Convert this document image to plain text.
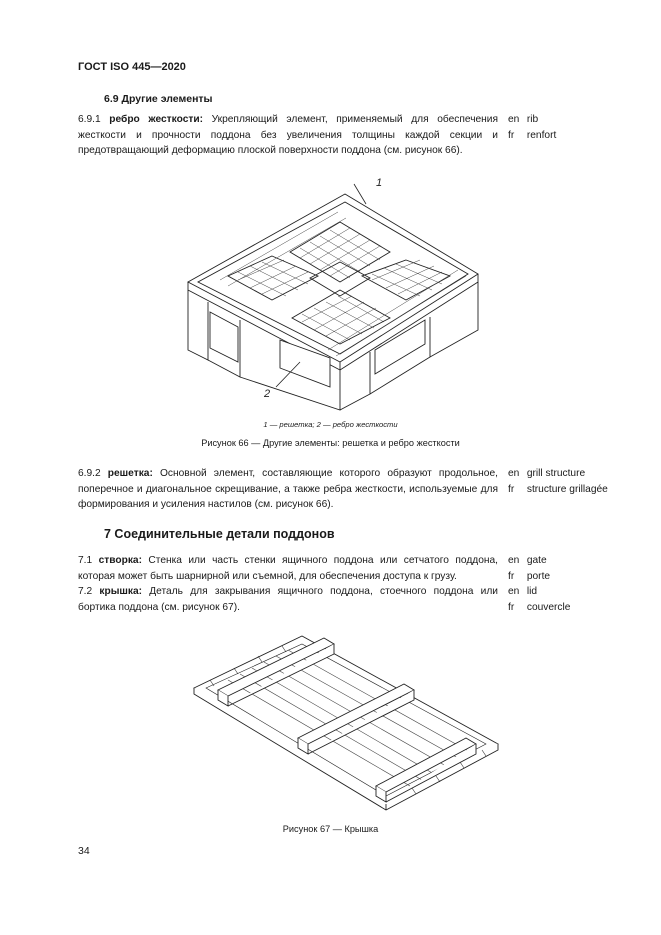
ГОСТ ISO 445—2020
6.9 Другие элементы
6.9.1 ребро жесткости: Укрепляющий элемент, применяемый для обеспечения жесткости и прочности поддона без увеличения толщины каждой секции и предотвращающий деформацию плоской поверхности поддона (см. рисунок 66).
en rib
fr renfort
1
2
1 — решетка; 2 — ребро жесткости
Рисунок 66 — Другие элементы: решетка и ребро жесткости
6.9.2 решетка: Основной элемент, составляющие которого образуют продольное, поперечное и диагональное скрещивание, а также ребра жесткости, используемые для формирования и усиления настилов (см. рисунок 66).
en grill structure
fr structure grillagée
7 Соединительные детали поддонов
7.1 створка: Стенка или часть стенки ящичного поддона или сетчатого поддона, которая может быть шарнирной или съемной, для обеспечения доступа к грузу.
en gate
fr porte
7.2 крышка: Деталь для закрывания ящичного поддона, стоечного поддона или бортика поддона (см. рисунок 67).
en lid
fr couvercle
Рисунок 67 — Крышка
34
